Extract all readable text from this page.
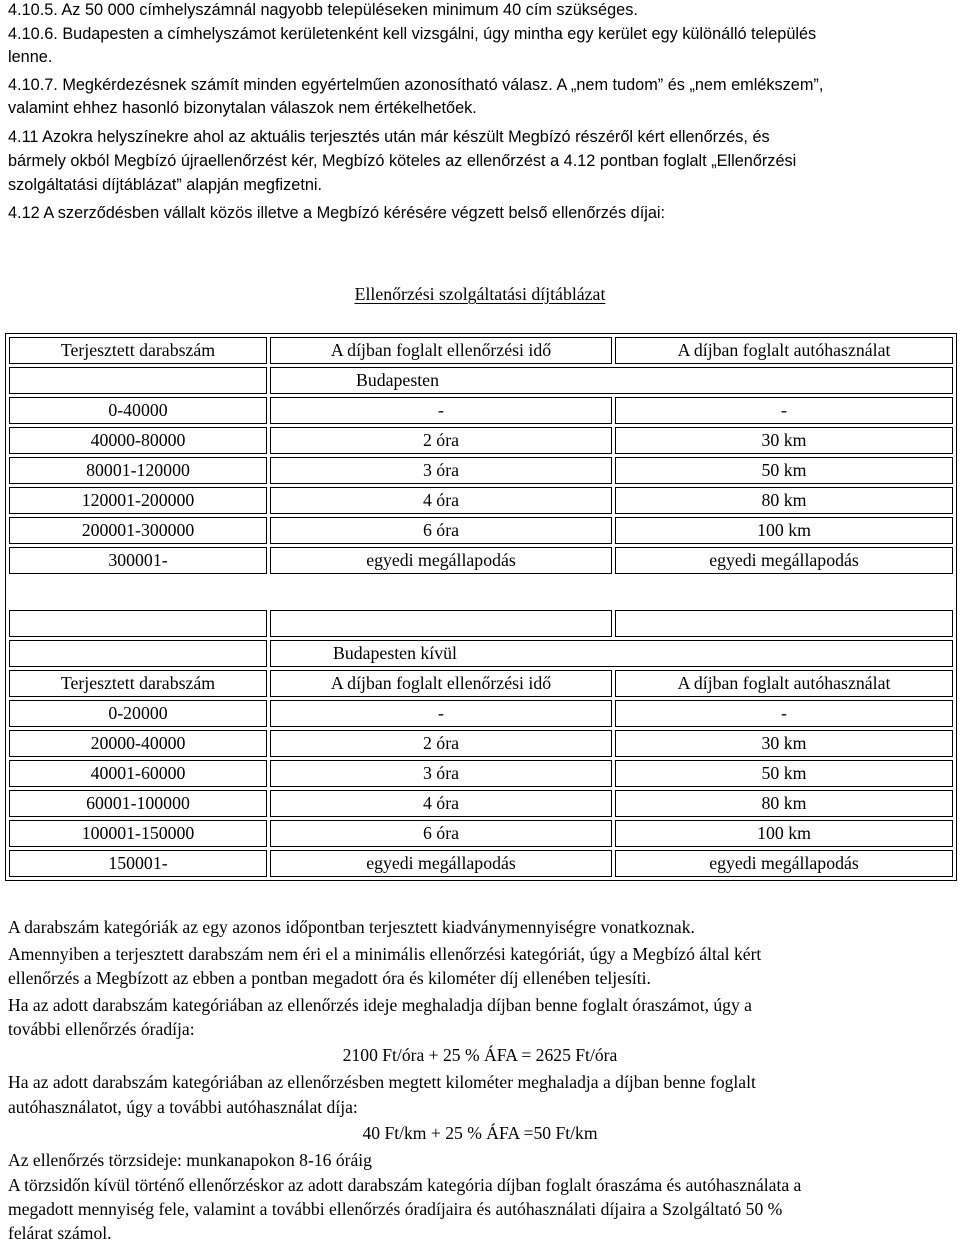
4.10.5. Az 50 000 címhelyszámnál nagyobb településeken minimum 40 cím szükséges.
4.10.6. Budapesten a címhelyszámot kerületenként kell vizsgálni, úgy mintha egy kerület egy különálló település
lenne.
4.10.7. Megkérdezésnek számít minden egyértelműen azonosítható válasz. A „nem tudom” és „nem emlékszem”,
valamint ehhez hasonló bizonytalan válaszok nem értékelhetőek.
4.11 Azokra helyszínekre ahol az aktuális terjesztés után már készült Megbízó részéről kért ellenőrzés, és
bármely okból Megbízó újraellenőrzést kér, Megbízó köteles az ellenőrzést a 4.12 pontban foglalt „Ellenőrzési
szolgáltatási díjtáblázat” alapján megfizetni.
4.12 A szerződésben vállalt közös illetve a Megbízó kérésére végzett belső ellenőrzés díjai:
Ellenőrzési szolgáltatási díjtáblázat
Terjesztett darabszám	A díjban foglalt ellenőrzési idő	A díjban foglalt autóhasználat
	Budapesten	
0-40000	-	-
40000-80000	2 óra	30 km
80001-120000	3 óra	50 km
120001-200000	4 óra	80 km
200001-300000	6 óra	100 km
300001-	egyedi megállapodás	egyedi megállapodás

	Budapesten kívül	
Terjesztett darabszám	A díjban foglalt ellenőrzési idő	A díjban foglalt autóhasználat
0-20000	-	-
20000-40000	2 óra	30 km
40001-60000	3 óra	50 km
60001-100000	4 óra	80 km
100001-150000	6 óra	100 km
150001-	egyedi megállapodás	egyedi megállapodás
A darabszám kategóriák az egy azonos időpontban terjesztett kiadványmennyiségre vonatkoznak.
Amennyiben a terjesztett darabszám nem éri el a minimális ellenőrzési kategóriát, úgy a Megbízó által kért
ellenőrzés a Megbízott az ebben a pontban megadott óra és kilométer díj ellenében teljesíti.
Ha az adott darabszám kategóriában az ellenőrzés ideje meghaladja díjban benne foglalt óraszámot, úgy a
további ellenőrzés óradíja:
2100 Ft/óra + 25 % ÁFA = 2625 Ft/óra
Ha az adott darabszám kategóriában az ellenőrzésben megtett kilométer meghaladja a díjban benne foglalt
autóhasználatot, úgy a további autóhasználat díja:
40 Ft/km + 25 % ÁFA =50 Ft/km
Az ellenőrzés törzsideje: munkanapokon 8-16 óráig
A törzsidőn kívül történő ellenőrzéskor az adott darabszám kategória díjban foglalt óraszáma és autóhasználata a
megadott mennyiség fele, valamint a további ellenőrzés óradíjaira és autóhasználati díjaira a Szolgáltató 50 %
felárat számol.
